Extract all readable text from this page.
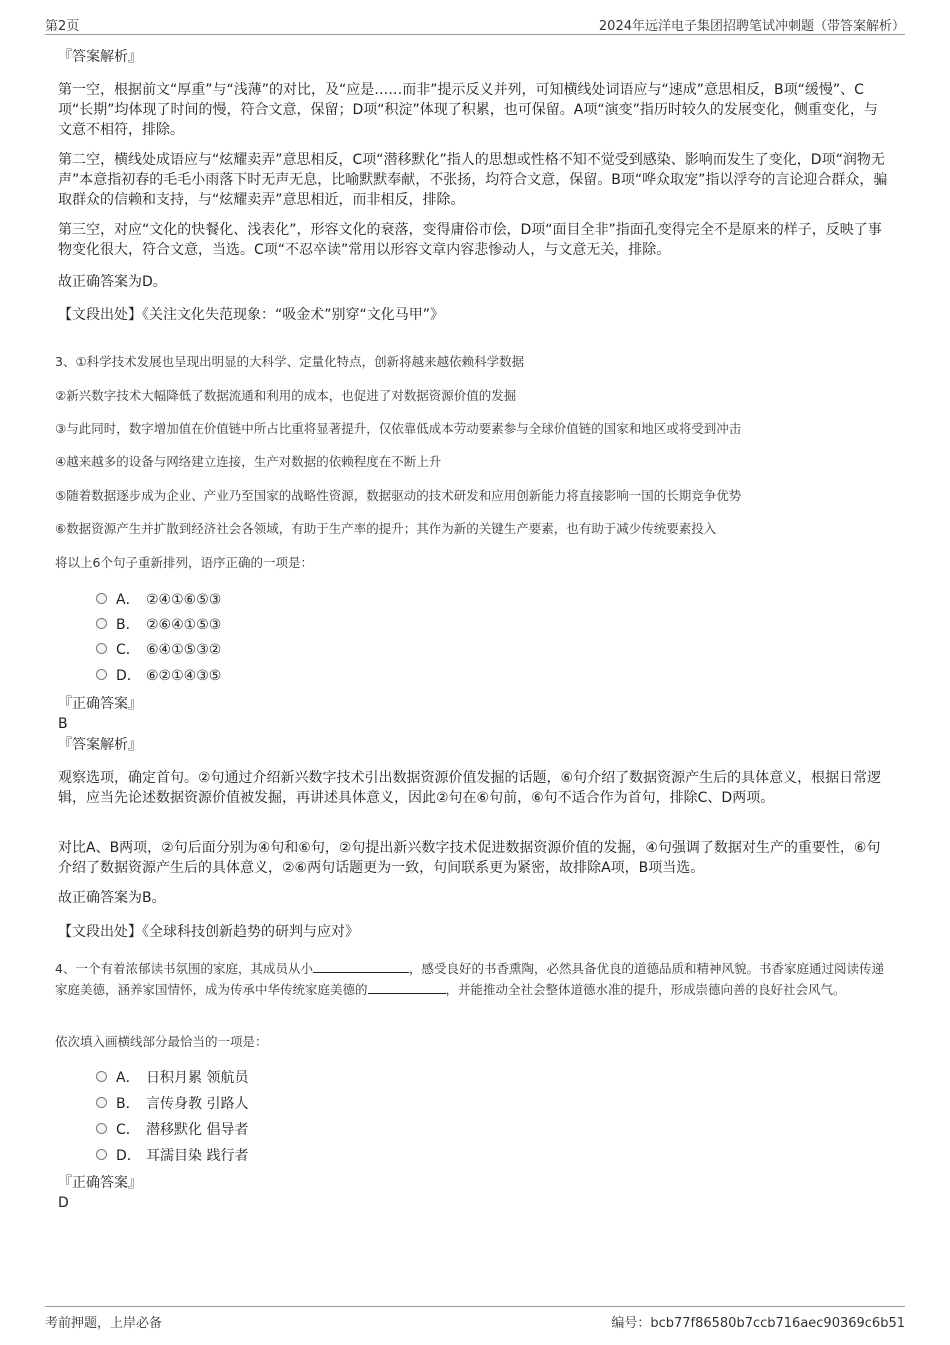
第2页	2024年远洋电子集团招聘笔试冲刺题（带答案解析）
『答案解析』

第一空，根据前文“厚重”与“浅薄”的对比，及“应是……而非”提示反义并列，可知横线处词语应与“速成”意思相反，B项“缓慢”、C项“长期”均体现了时间的慢，符合文意，保留；D项“积淀”体现了积累，也可保留。A项“演变”指历时较久的发展变化，侧重变化，与文意不相符，排除。

第二空，横线处成语应与“炫耀卖弄”意思相反，C项“潜移默化”指人的思想或性格不知不觉受到感染、影响而发生了变化，D项“润物无声”本意指初春的毛毛小雨落下时无声无息，比喻默默奉献，不张扬，均符合文意，保留。B项“哗众取宠”指以浮夸的言论迎合群众，骗取群众的信赖和支持，与“炫耀卖弄”意思相近，而非相反，排除。

第三空，对应“文化的快餐化、浅表化”，形容文化的衰落，变得庸俗市侩，D项“面目全非”指面孔变得完全不是原来的样子，反映了事物变化很大，符合文意，当选。C项“不忍卒读”常用以形容文章内容悲惨动人，与文意无关，排除。

故正确答案为D。

【文段出处】《关注文化失范现象：“吸金术”别穿“文化马甲”》

3、①科学技术发展也呈现出明显的大科学、定量化特点，创新将越来越依赖科学数据

②新兴数字技术大幅降低了数据流通和利用的成本，也促进了对数据资源价值的发掘

③与此同时，数字增加值在价值链中所占比重将显著提升，仅依靠低成本劳动要素参与全球价值链的国家和地区或将受到冲击

④越来越多的设备与网络建立连接，生产对数据的依赖程度在不断上升

⑤随着数据逐步成为企业、产业乃至国家的战略性资源，数据驱动的技术研发和应用创新能力将直接影响一国的长期竞争优势

⑥数据资源产生并扩散到经济社会各领域，有助于生产率的提升；其作为新的关键生产要素，也有助于减少传统要素投入

将以上6个句子重新排列，语序正确的一项是：

A． ②④①⑥⑤③
B． ②⑥④①⑤③
C． ⑥④①⑤③②
D． ⑥②①④③⑤
『正确答案』
B
『答案解析』

观察选项，确定首句。②句通过介绍新兴数字技术引出数据资源价值发掘的话题，⑥句介绍了数据资源产生后的具体意义，根据日常逻辑，应当先论述数据资源价值被发掘，再讲述具体意义，因此②句在⑥句前，⑥句不适合作为首句，排除C、D两项。

对比A、B两项，②句后面分别为④句和⑥句，②句提出新兴数字技术促进数据资源价值的发掘，④句强调了数据对生产的重要性，⑥句介绍了数据资源产生后的具体意义，②⑥两句话题更为一致，句间联系更为紧密，故排除A项，B项当选。

故正确答案为B。

【文段出处】《全球科技创新趋势的研判与应对》

4、一个有着浓郁读书氛围的家庭，其成员从小	，感受良好的书香熏陶，必然具备优良的道德品质和精神风貌。书香家庭通过阅读传递家庭美德，涵养家国情怀，成为传承中华传统家庭美德的	，并能推动全社会整体道德水准的提升，形成崇德向善的良好社会风气。

依次填入画横线部分最恰当的一项是：

A． 日积月累 领航员
B． 言传身教 引路人
C． 潜移默化 倡导者
D． 耳濡目染 践行者
『正确答案』
D
考前押题，上岸必备	编号：bcb77f86580b7ccb716aec90369c6b51
